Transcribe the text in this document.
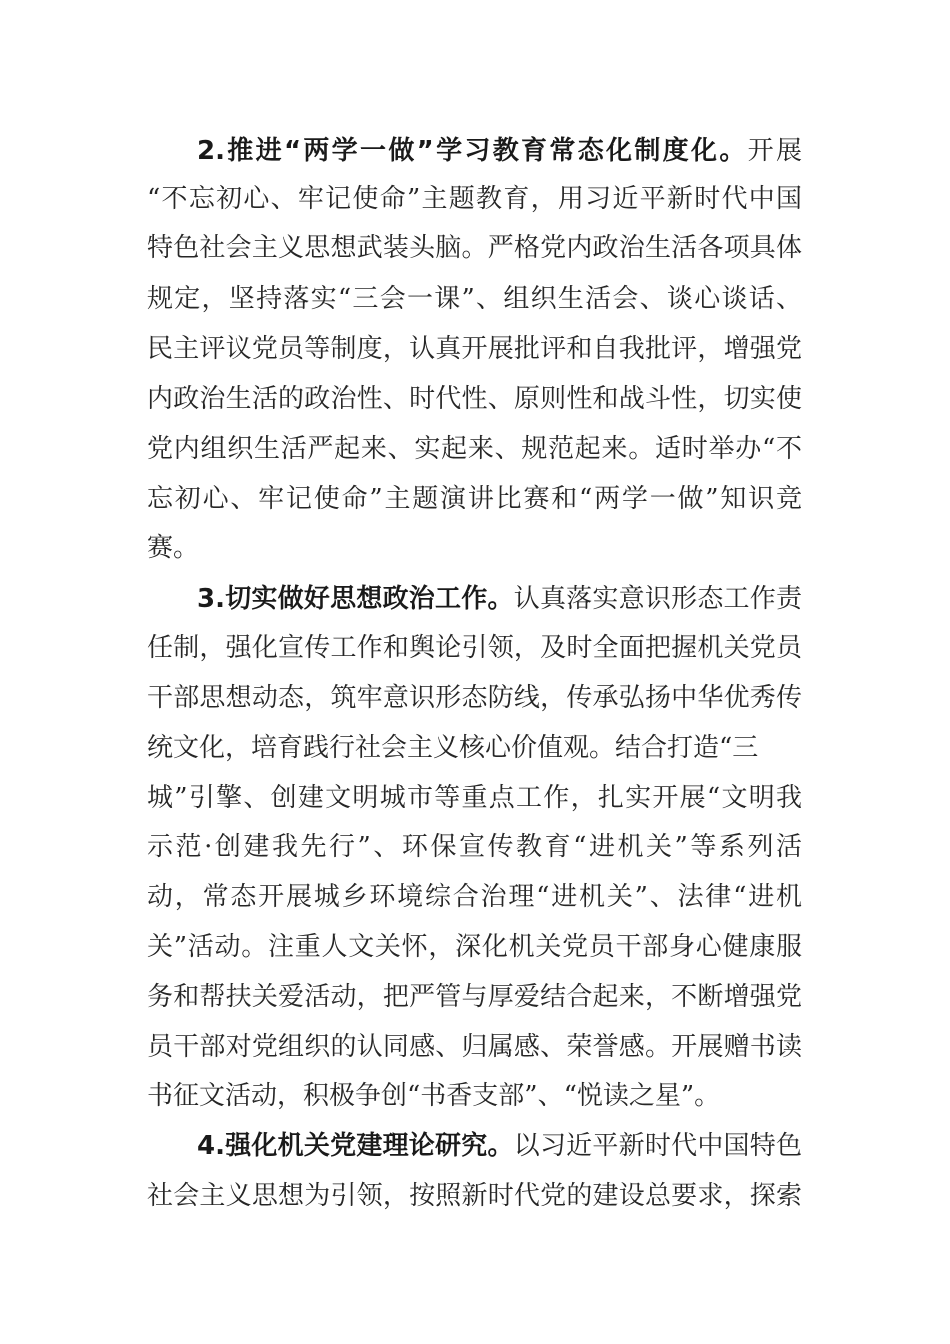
2.推进“两学一做”学习教育常态化制度化。开展
“不忘初心、牢记使命”主题教育，用习近平新时代中国
特色社会主义思想武装头脑。严格党内政治生活各项具体
规定，坚持落实“三会一课”、组织生活会、谈心谈话、
民主评议党员等制度，认真开展批评和自我批评，增强党
内政治生活的政治性、时代性、原则性和战斗性，切实使
党内组织生活严起来、实起来、规范起来。适时举办“不
忘初心、牢记使命”主题演讲比赛和“两学一做”知识竞
赛。
3.切实做好思想政治工作。认真落实意识形态工作责
任制，强化宣传工作和舆论引领，及时全面把握机关党员
干部思想动态，筑牢意识形态防线，传承弘扬中华优秀传
统文化，培育践行社会主义核心价值观。结合打造“三
城”引擎、创建文明城市等重点工作，扎实开展“文明我
示范·创建我先行”、环保宣传教育“进机关”等系列活
动，常态开展城乡环境综合治理“进机关”、法律“进机
关”活动。注重人文关怀，深化机关党员干部身心健康服
务和帮扶关爱活动，把严管与厚爱结合起来，不断增强党
员干部对党组织的认同感、归属感、荣誉感。开展赠书读
书征文活动，积极争创“书香支部”、“悦读之星”。
4.强化机关党建理论研究。以习近平新时代中国特色
社会主义思想为引领，按照新时代党的建设总要求，探索
